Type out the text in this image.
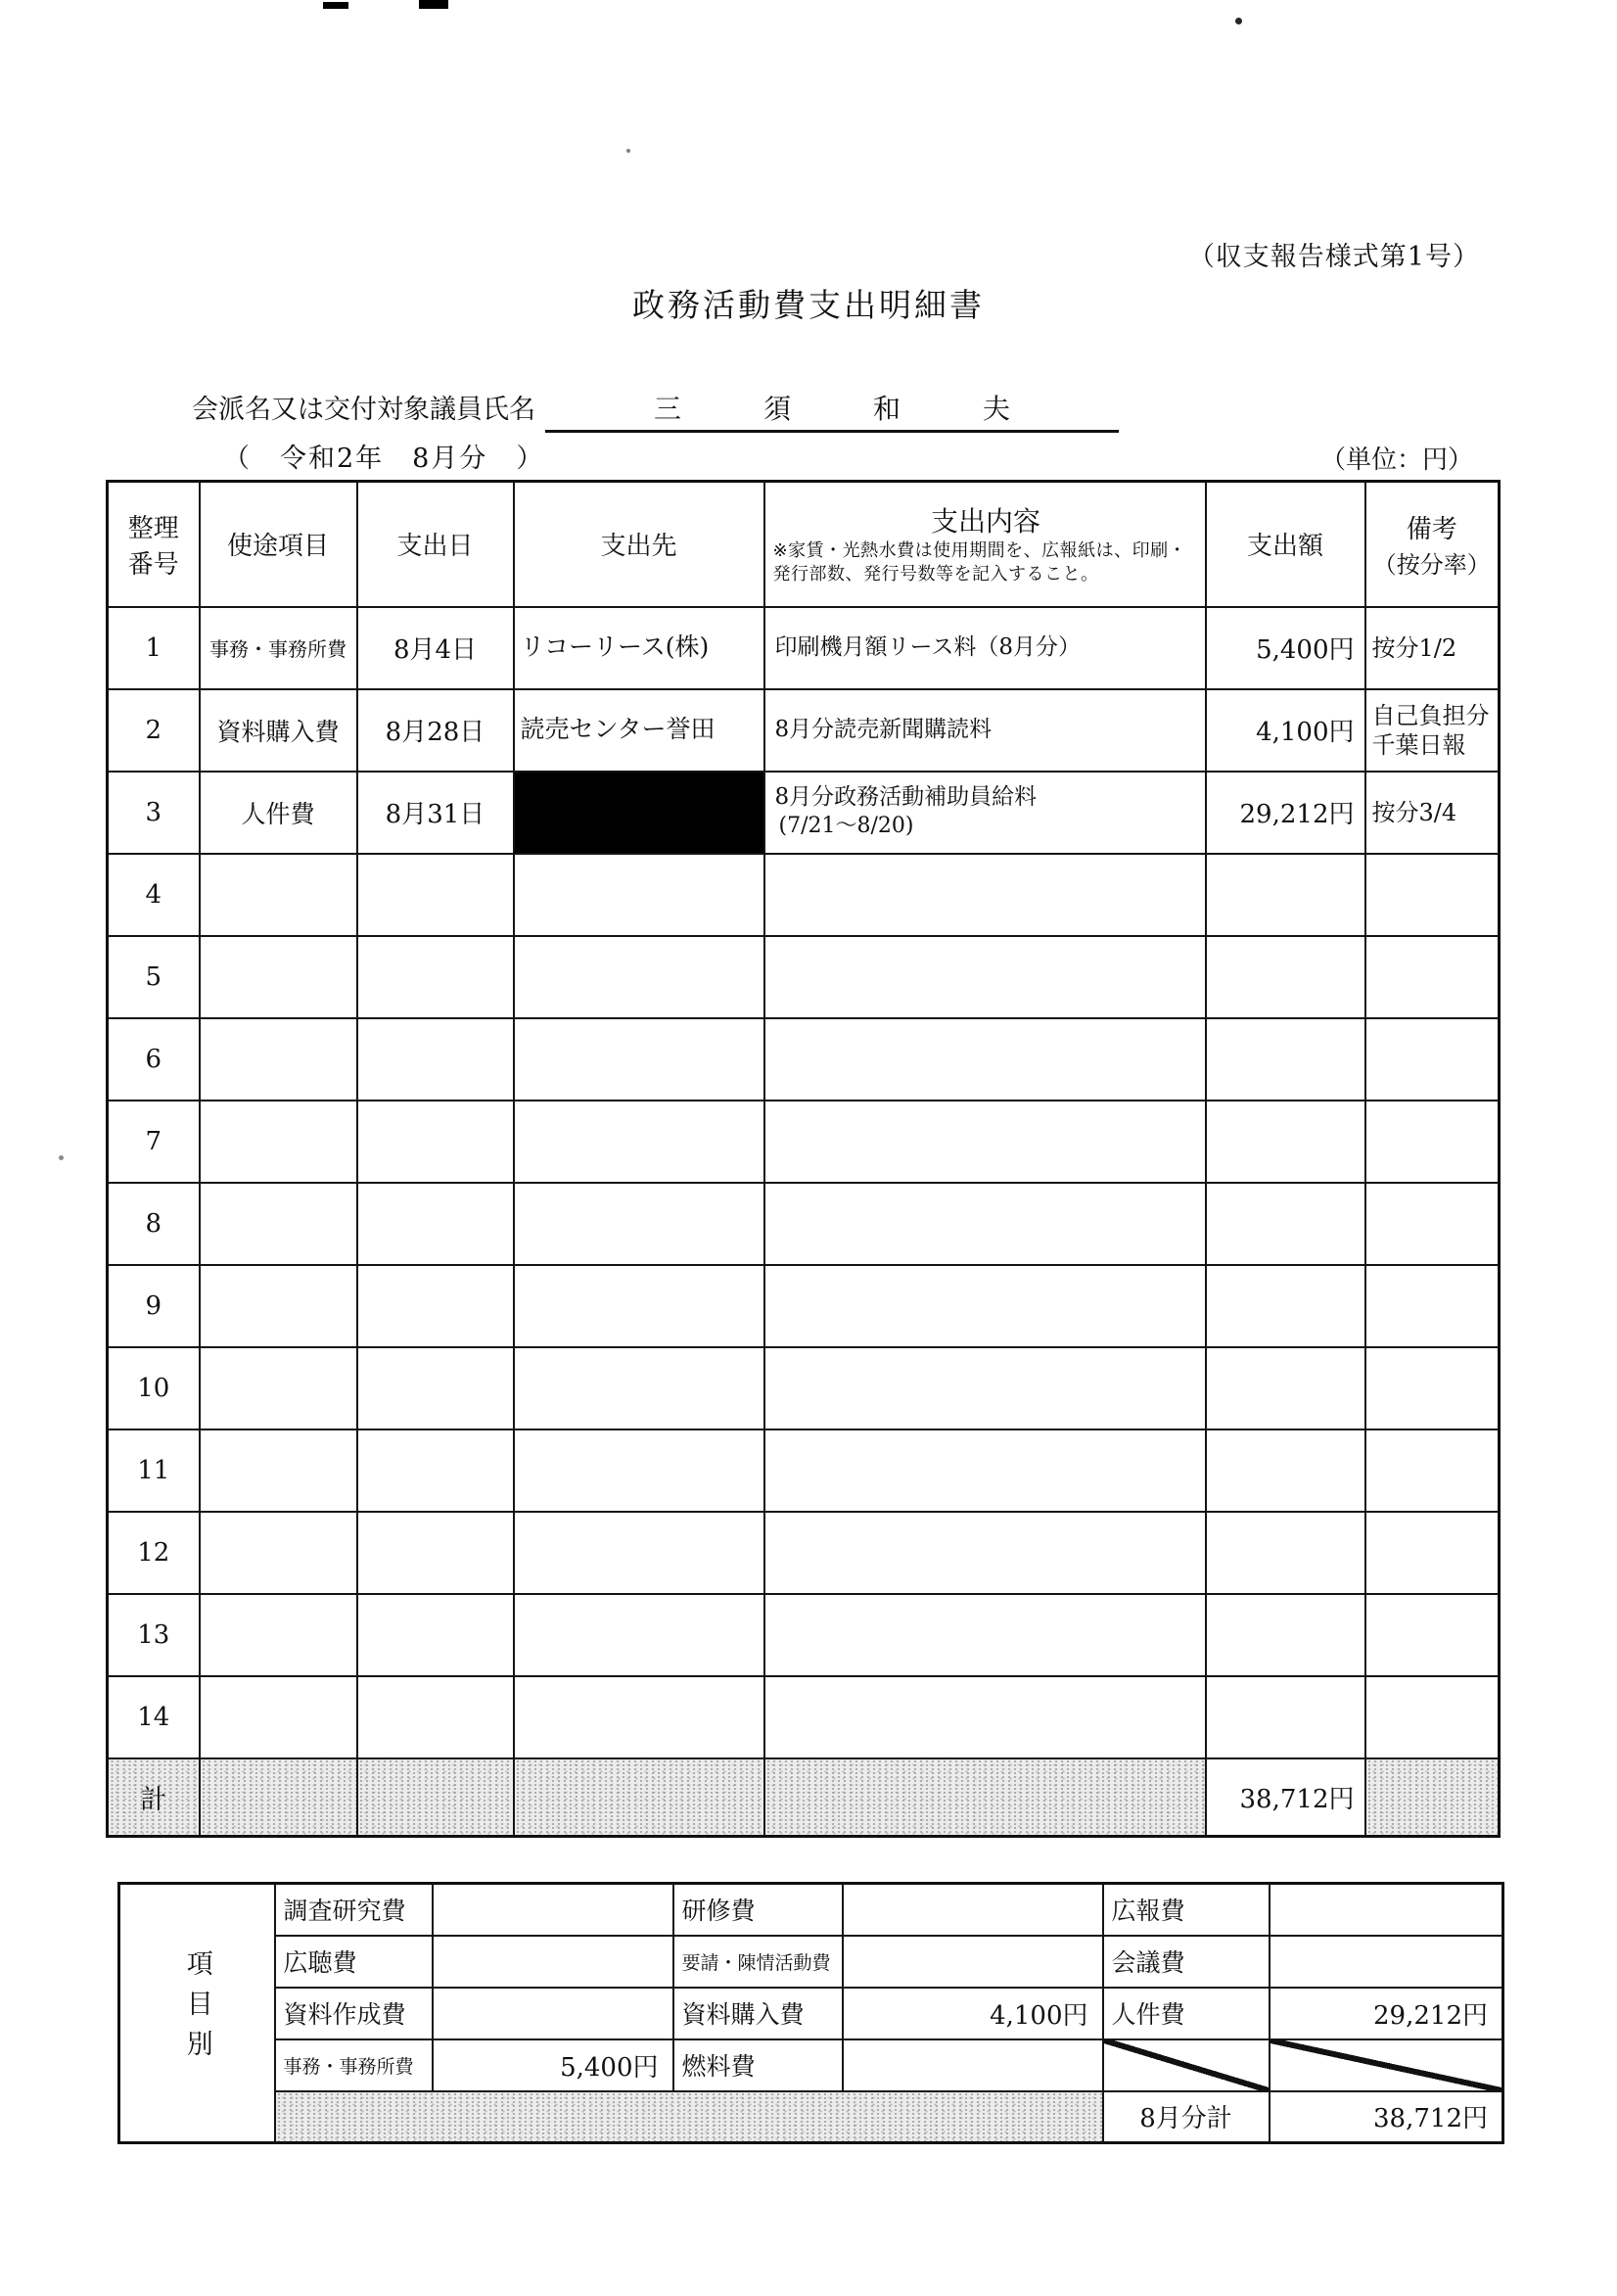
（収支報告様式第1号）
政務活動費支出明細書
会派名又は交付対象議員氏名	三　　　須　　　和　　　夫
（　令和2年　8月分　）	（単位：円）
整理
番号	使途項目	支出日	支出先	支出内容
※家賃・光熱水費は使用期間を、広報紙は、印刷・発行部数、発行号数等を記入すること。	支出額	備考
（按分率）
1	事務・事務所費	8月4日	リコーリース(株)	印刷機月額リース料（8月分）	5,400円	按分1/2
2	資料購入費	8月28日	読売センター誉田	8月分読売新聞購読料	4,100円	自己負担分千葉日報
3	人件費	8月31日		8月分政務活動補助員給料
(7/21～8/20)	29,212円	按分3/4
4						
5						
6						
7						
8						
9						
10						
11						
12						
13						
14						
計					38,712円	
項目別	調査研究費		研修費		広報費	
	広聴費		要請・陳情活動費		会議費	
	資料作成費		資料購入費	4,100円	人件費	29,212円
	事務・事務所費	5,400円	燃料費			
					8月分計	38,712円
